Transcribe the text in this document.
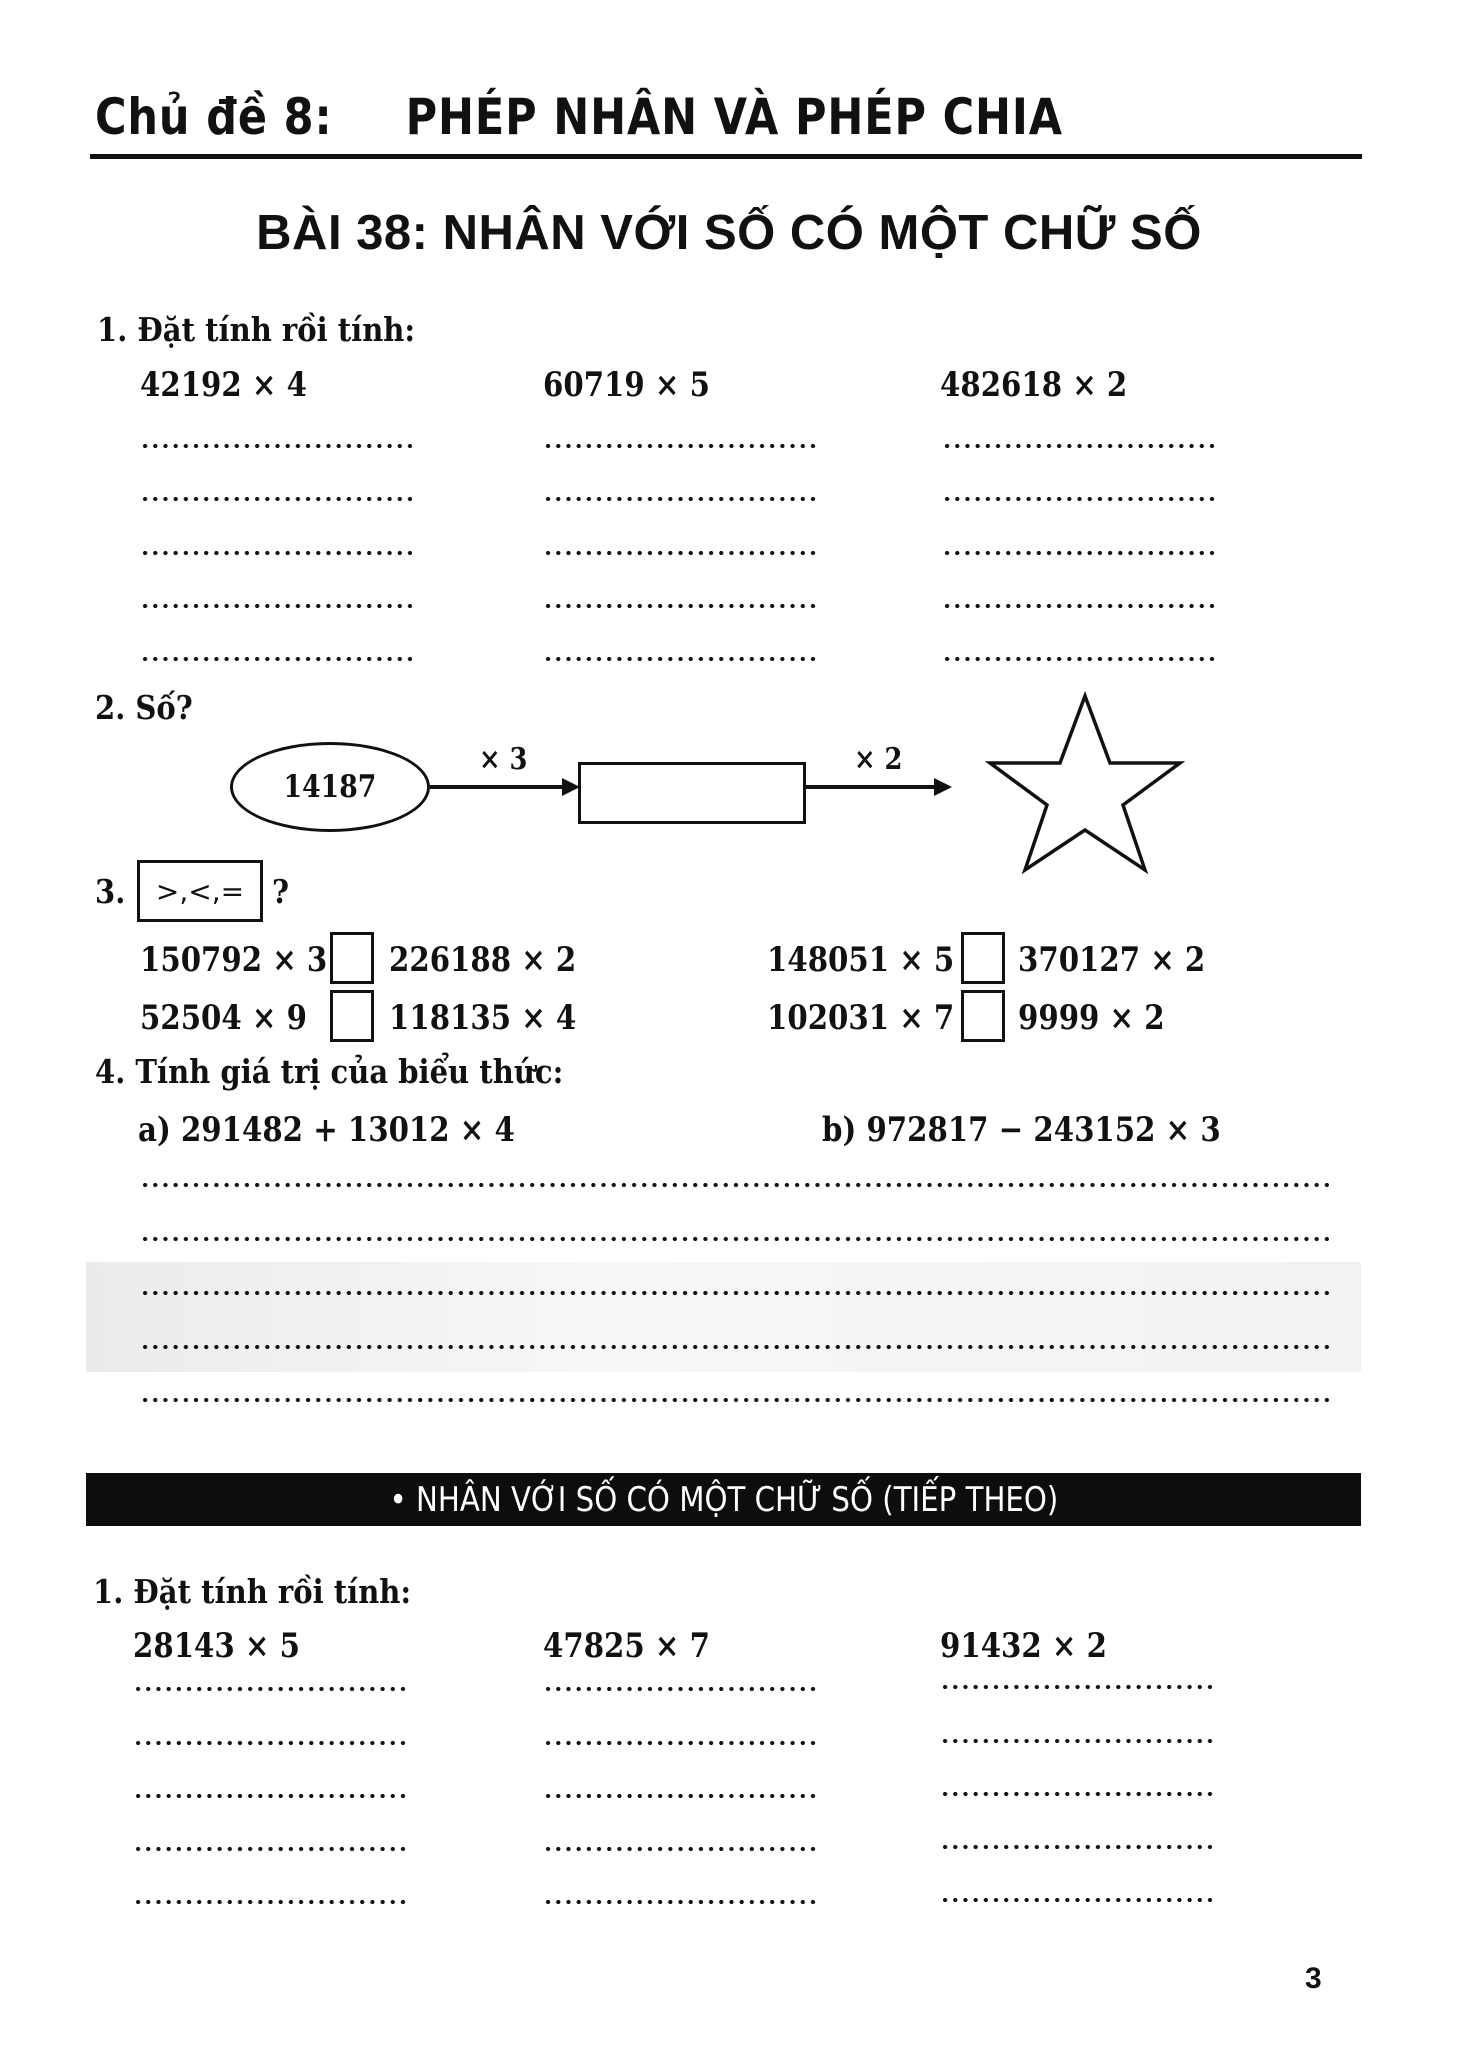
Chủ đề 8: PHÉP NHÂN VÀ PHÉP CHIA
BÀI 38: NHÂN VỚI SỐ CÓ MỘT CHỮ SỐ
1. Đặt tính rồi tính:
42192 × 4	60719 × 5	482618 × 2
2. Số?
14187
× 3	× 2
3. >,<,= ?
150792 × 3 226188 × 2	148051 × 5 370127 × 2
52504 × 9 118135 × 4	102031 × 7 9999 × 2
4. Tính giá trị của biểu thức:
a) 291482 + 13012 × 4	b) 972817 − 243152 × 3
• NHÂN VỚI SỐ CÓ MỘT CHỮ SỐ (TIẾP THEO)
1. Đặt tính rồi tính:
28143 × 5	47825 × 7	91432 × 2
3
